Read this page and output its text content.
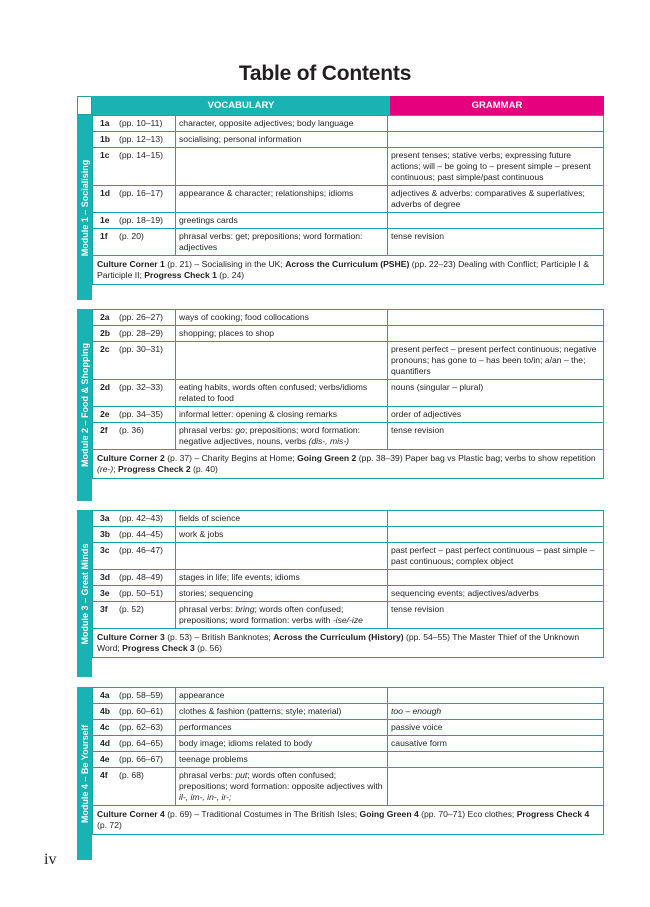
Table of Contents
VOCABULARY	GRAMMAR
Module 1 – Socialising
1a (pp. 10–11)	character, opposite adjectives; body language	
1b (pp. 12–13)	socialising; personal information	
1c (pp. 14–15)		present tenses; stative verbs; expressing future actions; will – be going to – present simple – present continuous; past simple/past continuous
1d (pp. 16–17)	appearance & character; relationships; idioms	adjectives & adverbs: comparatives & superlatives; adverbs of degree
1e (pp. 18–19)	greetings cards	
1f (p. 20)	phrasal verbs: get; prepositions; word formation: adjectives	tense revision
Culture Corner 1 (p. 21) – Socialising in the UK; Across the Curriculum (PSHE) (pp. 22–23) Dealing with Conflict; Participle I & Participle II; Progress Check 1 (p. 24)		
Module 2 – Food & Shopping
2a (pp. 26–27)	ways of cooking; food collocations	
2b (pp. 28–29)	shopping; places to shop	
2c (pp. 30–31)		present perfect – present perfect continuous; negative pronouns; has gone to – has been to/in; a/an – the; quantifiers
2d (pp. 32–33)	eating habits, words often confused; verbs/idioms related to food	nouns (singular – plural)
2e (pp. 34–35)	informal letter: opening & closing remarks	order of adjectives
2f (p. 36)	phrasal verbs: go; prepositions; word formation: negative adjectives, nouns, verbs (dis-, mis-)	tense revision
Culture Corner 2 (p. 37) – Charity Begins at Home; Going Green 2 (pp. 38–39) Paper bag vs Plastic bag; verbs to show repetition (re-); Progress Check 2 (p. 40)		
Module 3 – Great Minds
3a (pp. 42–43)	fields of science	
3b (pp. 44–45)	work & jobs	
3c (pp. 46–47)		past perfect – past perfect continuous – past simple – past continuous; complex object
3d (pp. 48–49)	stages in life; life events; idioms	
3e (pp. 50–51)	stories; sequencing	sequencing events; adjectives/adverbs
3f (p. 52)	phrasal verbs: bring; words often confused; prepositions; word formation: verbs with -ise/-ize	tense revision
Culture Corner 3 (p. 53) – British Banknotes; Across the Curriculum (History) (pp. 54–55) The Master Thief of the Unknown Word; Progress Check 3 (p. 56)		
Module 4 – Be Yourself
4a (pp. 58–59)	appearance	
4b (pp. 60–61)	clothes & fashion (patterns; style; material)	too – enough
4c (pp. 62–63)	performances	passive voice
4d (pp. 64–65)	body image; idioms related to body	causative form
4e (pp. 66–67)	teenage problems	
4f (p. 68)	phrasal verbs: put; words often confused; prepositions; word formation: opposite adjectives with il-, im-, in-, ir-;	
Culture Corner 4 (p. 69) – Traditional Costumes in The British Isles; Going Green 4 (pp. 70–71) Eco clothes; Progress Check 4 (p. 72)		
iv
